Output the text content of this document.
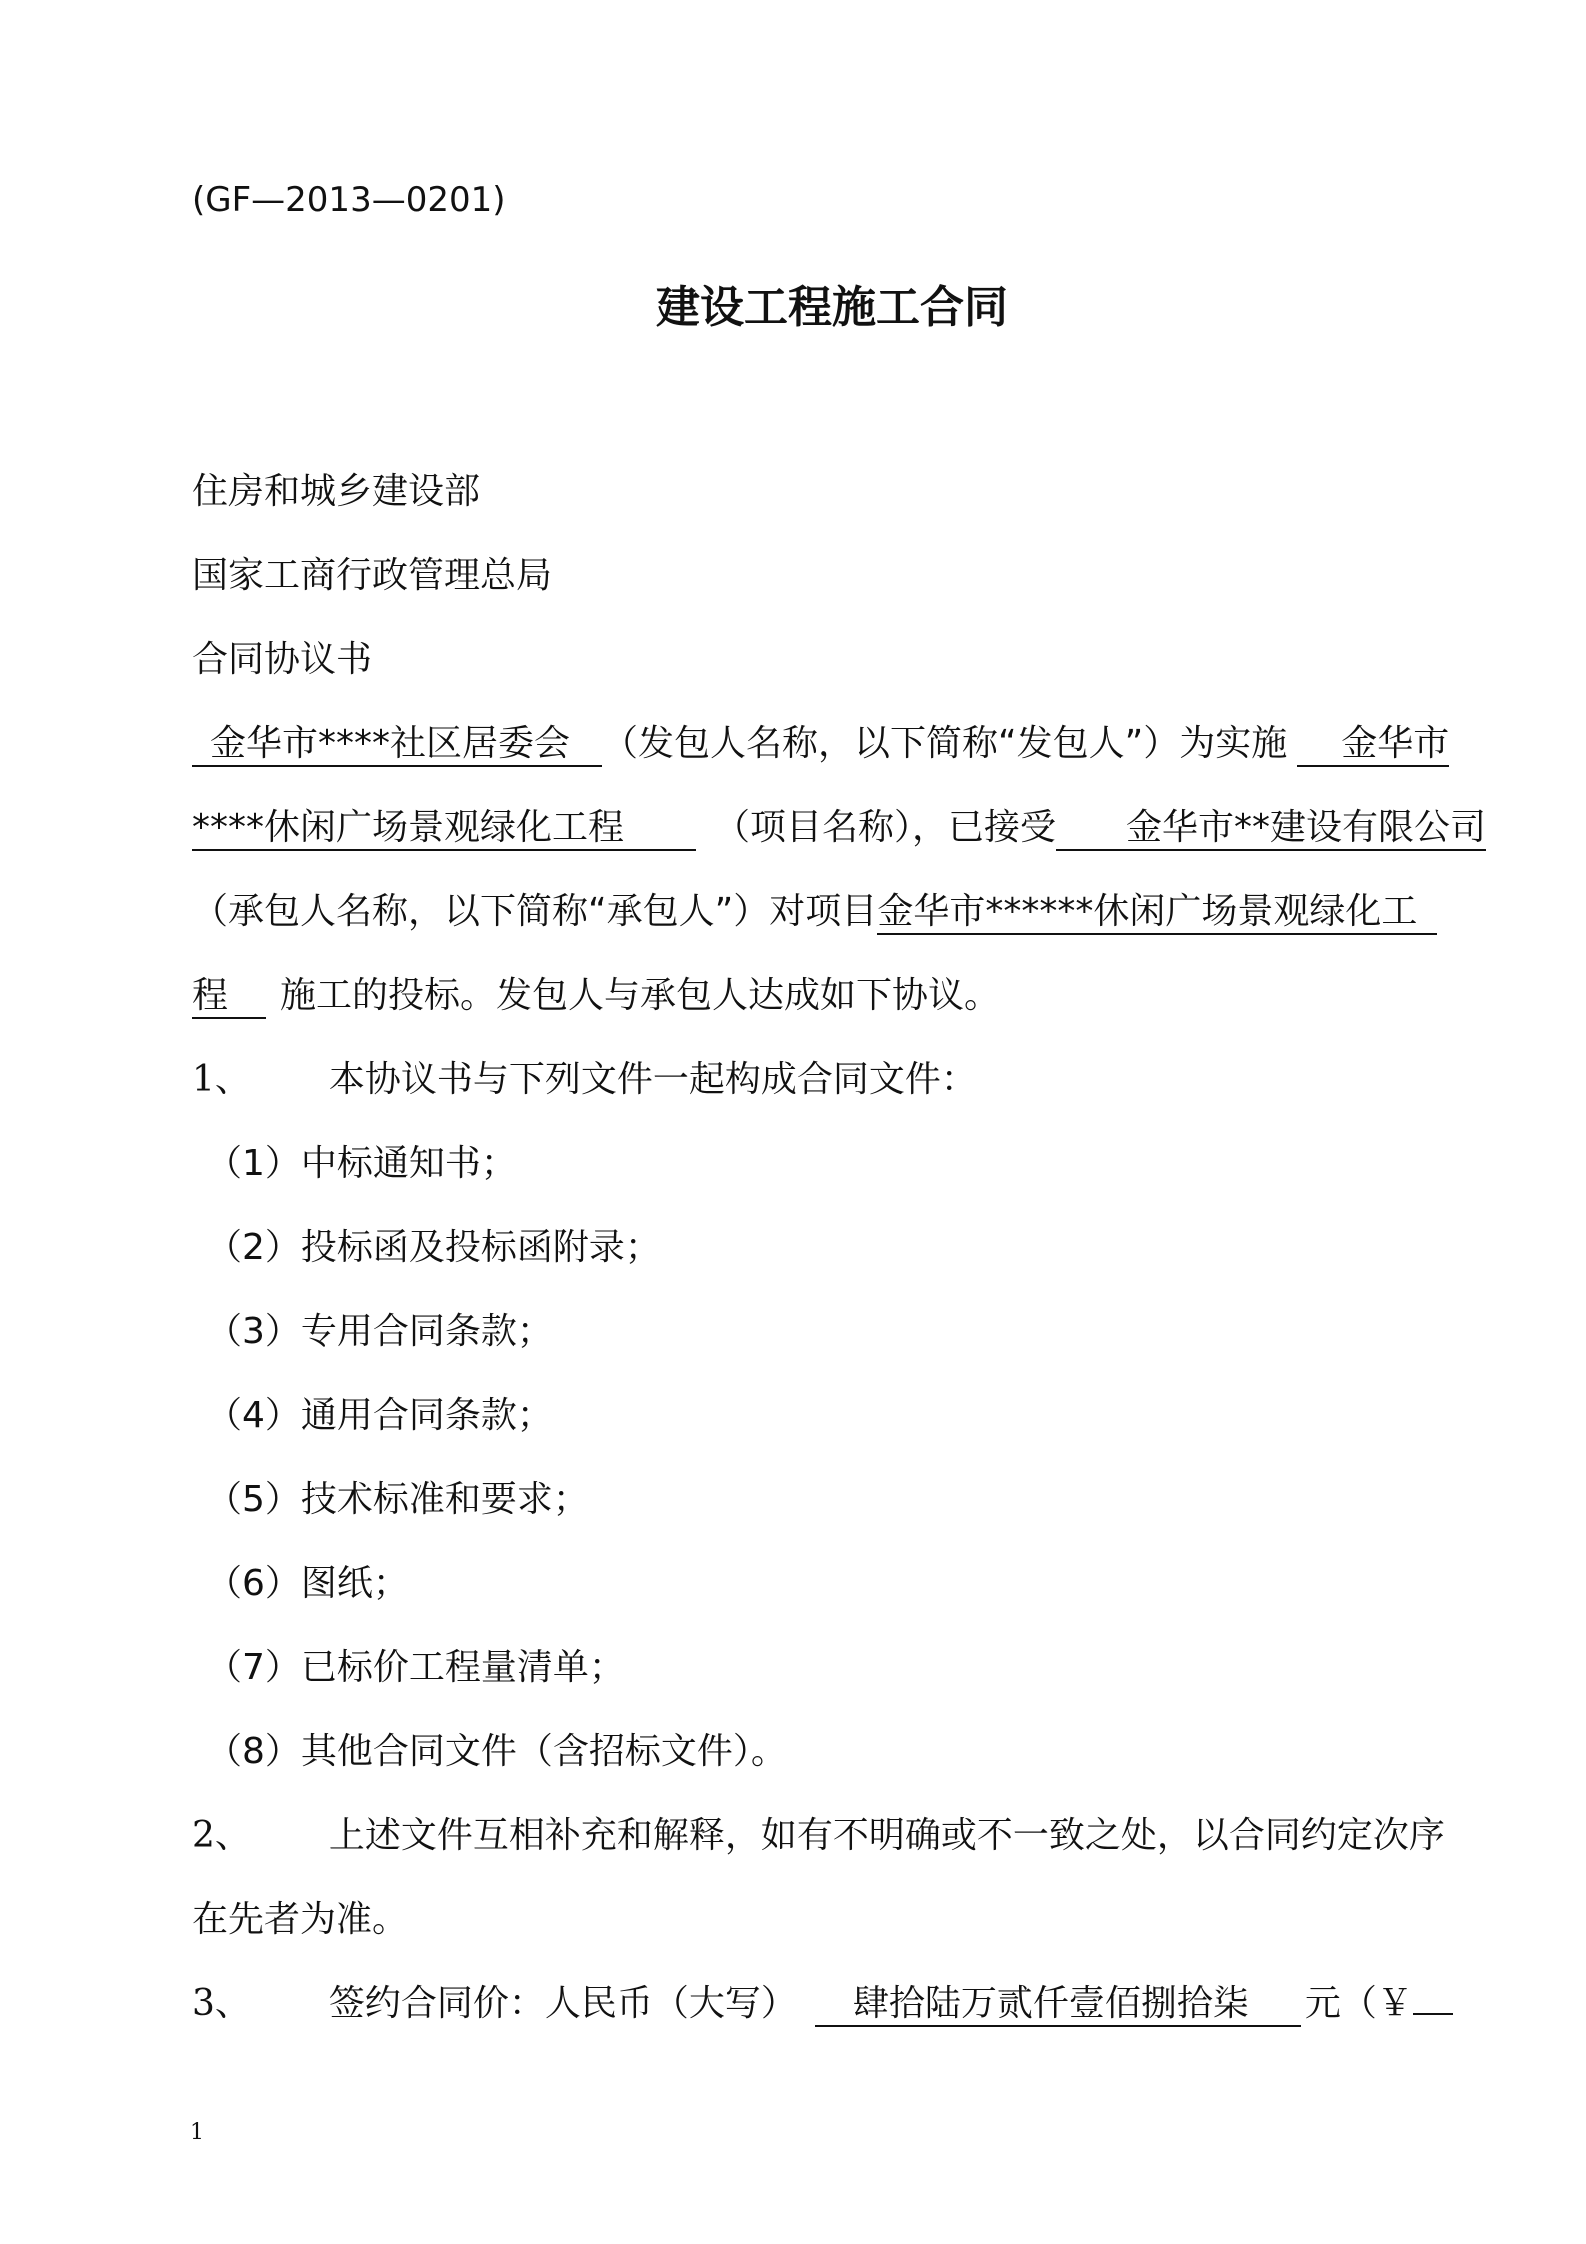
(GF—2013—0201)
建设工程施工合同
住房和城乡建设部
国家工商行政管理总局
合同协议书
金华市****社区居委会 （发包人名称，以下简称“发包人”）为实施 金华市
****休闲广场景观绿化工程 （项目名称），已接受 金华市**建设有限公司
（承包人名称，以下简称“承包人”）对项目金华市******休闲广场景观绿化工
程 施工的投标。发包人与承包人达成如下协议。
1、 本协议书与下列文件一起构成合同文件：
（1）中标通知书；
（2）投标函及投标函附录；
（3）专用合同条款；
（4）通用合同条款；
（5）技术标准和要求；
（6）图纸；
（7）已标价工程量清单；
（8）其他合同文件（含招标文件）。
2、 上述文件互相补充和解释，如有不明确或不一致之处，以合同约定次序
在先者为准。
3、 签约合同价：人民币（大写） 肆拾陆万贰仟壹佰捌拾柒 元（￥
1
